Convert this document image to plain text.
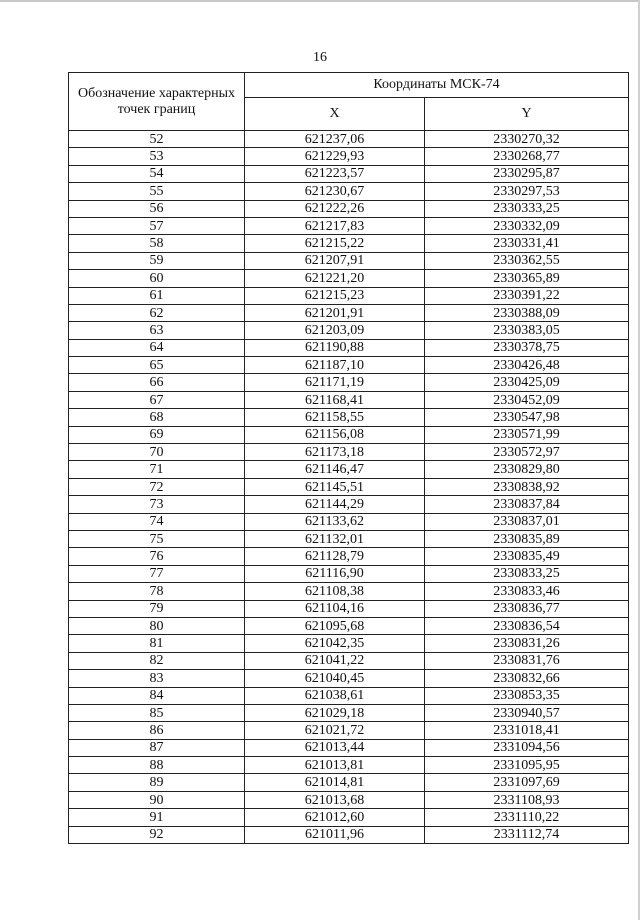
16
Обозначение характерных точек границ	Координаты МСК-74	
	X	Y
52	621237,06	2330270,32
53	621229,93	2330268,77
54	621223,57	2330295,87
55	621230,67	2330297,53
56	621222,26	2330333,25
57	621217,83	2330332,09
58	621215,22	2330331,41
59	621207,91	2330362,55
60	621221,20	2330365,89
61	621215,23	2330391,22
62	621201,91	2330388,09
63	621203,09	2330383,05
64	621190,88	2330378,75
65	621187,10	2330426,48
66	621171,19	2330425,09
67	621168,41	2330452,09
68	621158,55	2330547,98
69	621156,08	2330571,99
70	621173,18	2330572,97
71	621146,47	2330829,80
72	621145,51	2330838,92
73	621144,29	2330837,84
74	621133,62	2330837,01
75	621132,01	2330835,89
76	621128,79	2330835,49
77	621116,90	2330833,25
78	621108,38	2330833,46
79	621104,16	2330836,77
80	621095,68	2330836,54
81	621042,35	2330831,26
82	621041,22	2330831,76
83	621040,45	2330832,66
84	621038,61	2330853,35
85	621029,18	2330940,57
86	621021,72	2331018,41
87	621013,44	2331094,56
88	621013,81	2331095,95
89	621014,81	2331097,69
90	621013,68	2331108,93
91	621012,60	2331110,22
92	621011,96	2331112,74
